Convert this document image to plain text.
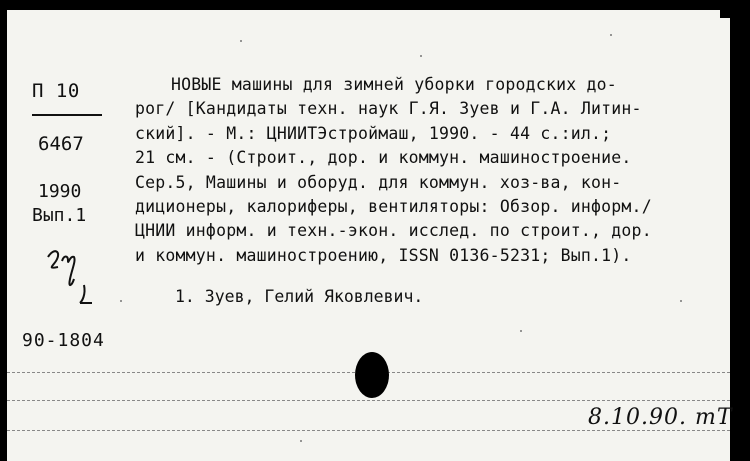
П 10
6467
1990
Вып.1
90-1804
НОВЫЕ машины для зимней уборки городских до-
рог/ [Кандидаты техн. наук Г.Я. Зуев и Г.А. Литин-
ский]. - М.: ЦНИИТЭстроймаш, 1990. - 44 с.:ил.;
21 см. - (Строит., дор. и коммун. машиностроение.
Сер.5, Машины и оборуд. для коммун. хоз-ва, кон-
диционеры, калориферы, вентиляторы: Обзор. информ./
ЦНИИ информ. и техн.-экон. исслед. по строит., дор.
и коммун. машиностроению, ISSN 0136-5231; Вып.1).
1. Зуев, Гелий Яковлевич.
8.10.90. mT
